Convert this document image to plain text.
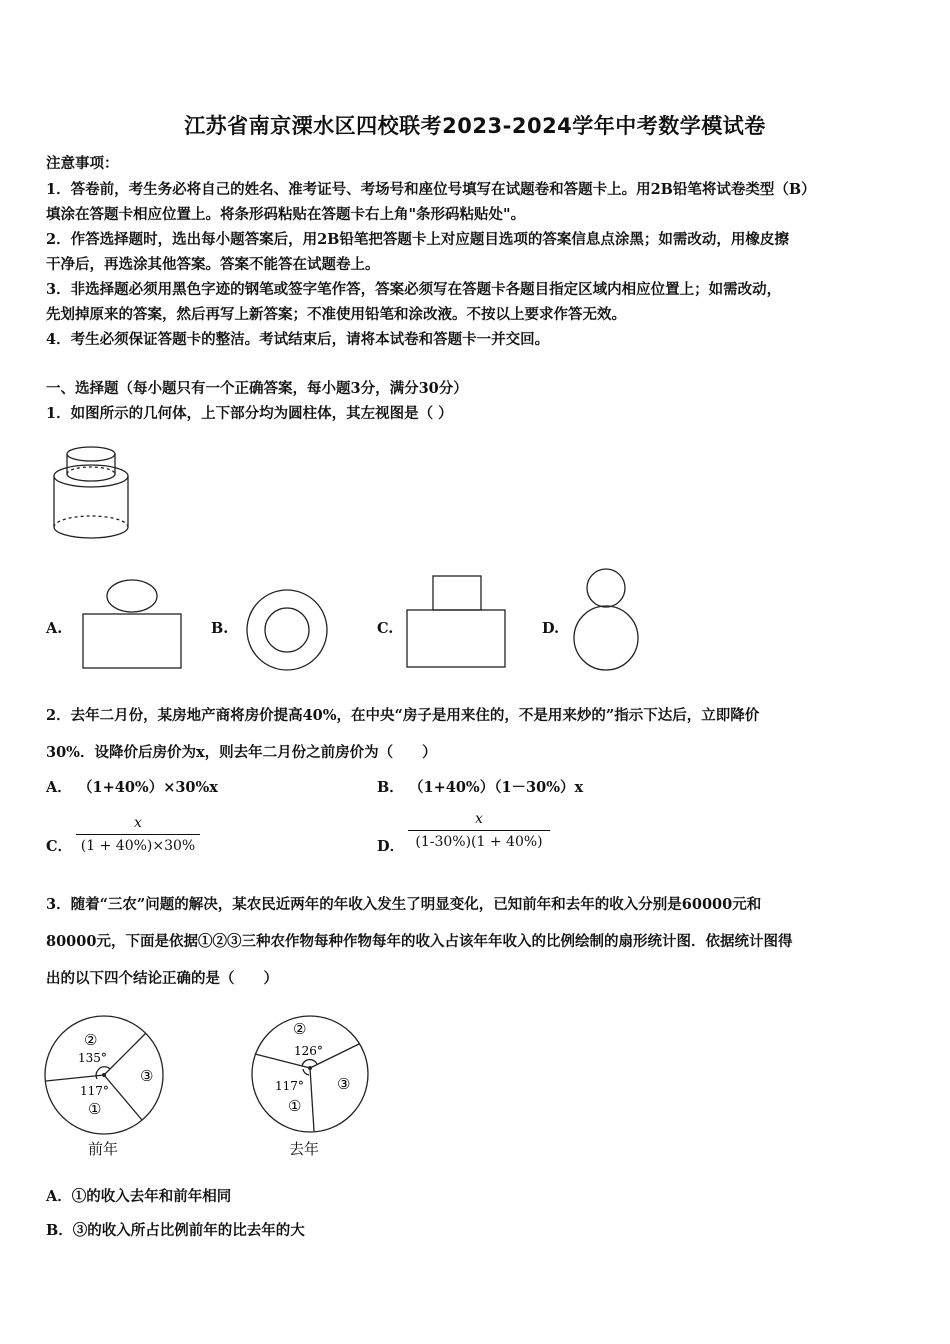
江苏省南京溧水区四校联考2023-2024学年中考数学模试卷
注意事项：
1．答卷前，考生务必将自己的姓名、准考证号、考场号和座位号填写在试题卷和答题卡上。用2B铅笔将试卷类型（B）
填涂在答题卡相应位置上。将条形码粘贴在答题卡右上角"条形码粘贴处"。
2．作答选择题时，选出每小题答案后，用2B铅笔把答题卡上对应题目选项的答案信息点涂黑；如需改动，用橡皮擦
干净后，再选涂其他答案。答案不能答在试题卷上。
3．非选择题必须用黑色字迹的钢笔或签字笔作答，答案必须写在答题卡各题目指定区域内相应位置上；如需改动，
先划掉原来的答案，然后再写上新答案；不准使用铅笔和涂改液。不按以上要求作答无效。
4．考生必须保证答题卡的整洁。考试结束后，请将本试卷和答题卡一并交回。
一、选择题（每小题只有一个正确答案，每小题3分，满分30分）
1．如图所示的几何体，上下部分均为圆柱体，其左视图是（ ）
A.	B.	C.	D.
2．去年二月份，某房地产商将房价提高40%，在中央“房子是用来住的，不是用来炒的”指示下达后，立即降价
30%．设降价后房价为x，则去年二月份之前房价为（　　）
A． （1+40%）×30%x	B． （1+40%）（1－30%）x
C． $\frac{x}{(1 + 40\%)\times 30\%}$	D． $\frac{x}{(1-30\%)(1 + 40\%)}$
3．随着“三农”问题的解决，某农民近两年的年收入发生了明显变化，已知前年和去年的收入分别是60000元和
80000元，下面是依据①②③三种农作物每种作物每年的收入占该年年收入的比例绘制的扇形统计图．依据统计图得
出的以下四个结论正确的是（　　）
②
135°
117°
①
③
前年
②
126°
117°
①
③
去年
A．①的收入去年和前年相同
B．③的收入所占比例前年的比去年的大
